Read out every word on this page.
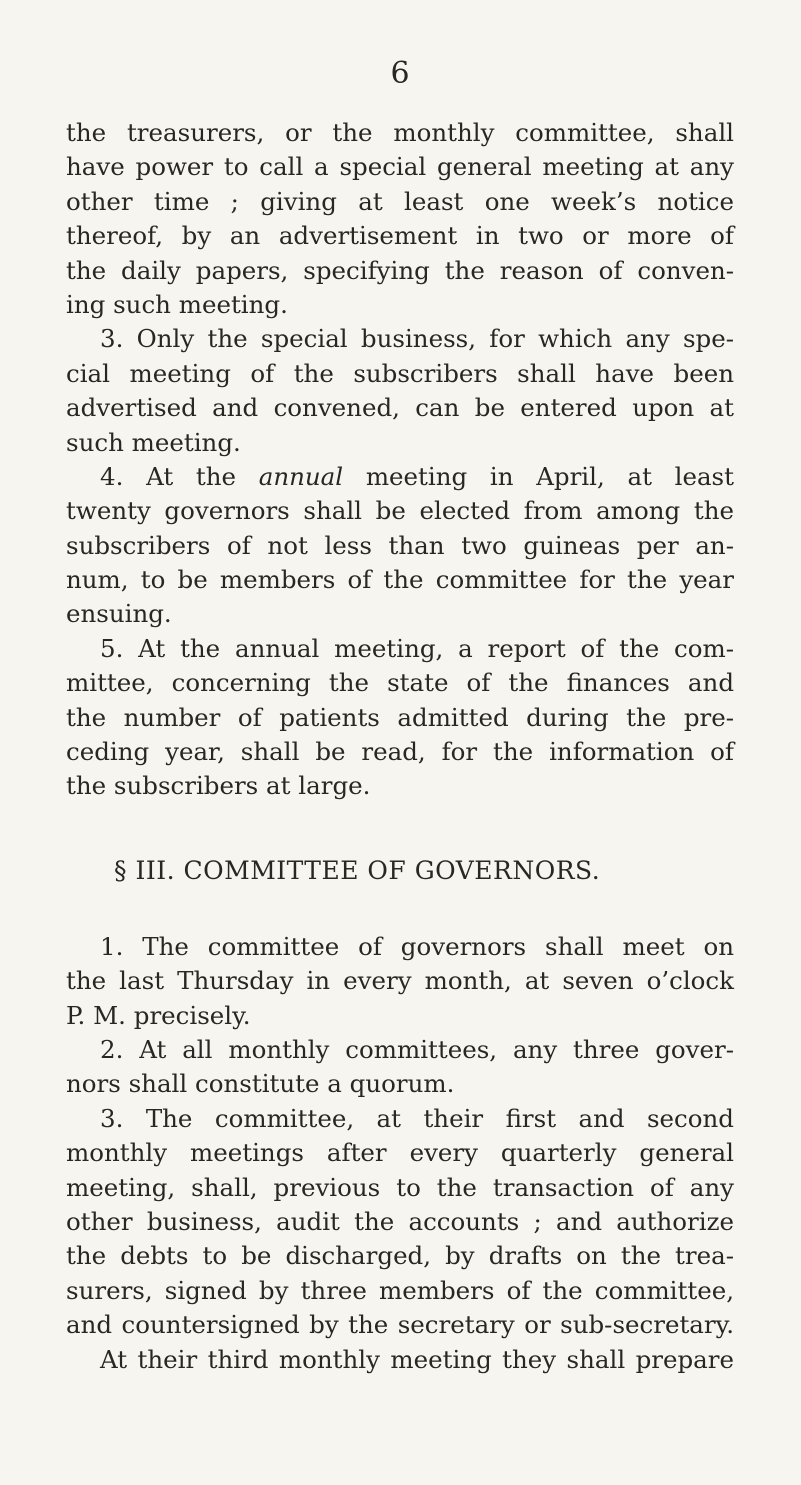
6
the treasurers, or the monthly committee, shall
have power to call a special general meeting at any
other time ; giving at least one week’s notice
thereof, by an advertisement in two or more of
the daily papers, specifying the reason of conven-
ing such meeting.
3. Only the special business, for which any spe-
cial meeting of the subscribers shall have been
advertised and convened, can be entered upon at
such meeting.
4. At the annual meeting in April, at least
twenty governors shall be elected from among the
subscribers of not less than two guineas per an-
num, to be members of the committee for the year
ensuing.
5. At the annual meeting, a report of the com-
mittee, concerning the state of the finances and
the number of patients admitted during the pre-
ceding year, shall be read, for the information of
the subscribers at large.
§ III. COMMITTEE OF GOVERNORS.
1. The committee of governors shall meet on
the last Thursday in every month, at seven o’clock
P. M. precisely.
2. At all monthly committees, any three gover-
nors shall constitute a quorum.
3. The committee, at their first and second
monthly meetings after every quarterly general
meeting, shall, previous to the transaction of any
other business, audit the accounts ; and authorize
the debts to be discharged, by drafts on the trea-
surers, signed by three members of the committee,
and countersigned by the secretary or sub-secretary.
At their third monthly meeting they shall prepare
